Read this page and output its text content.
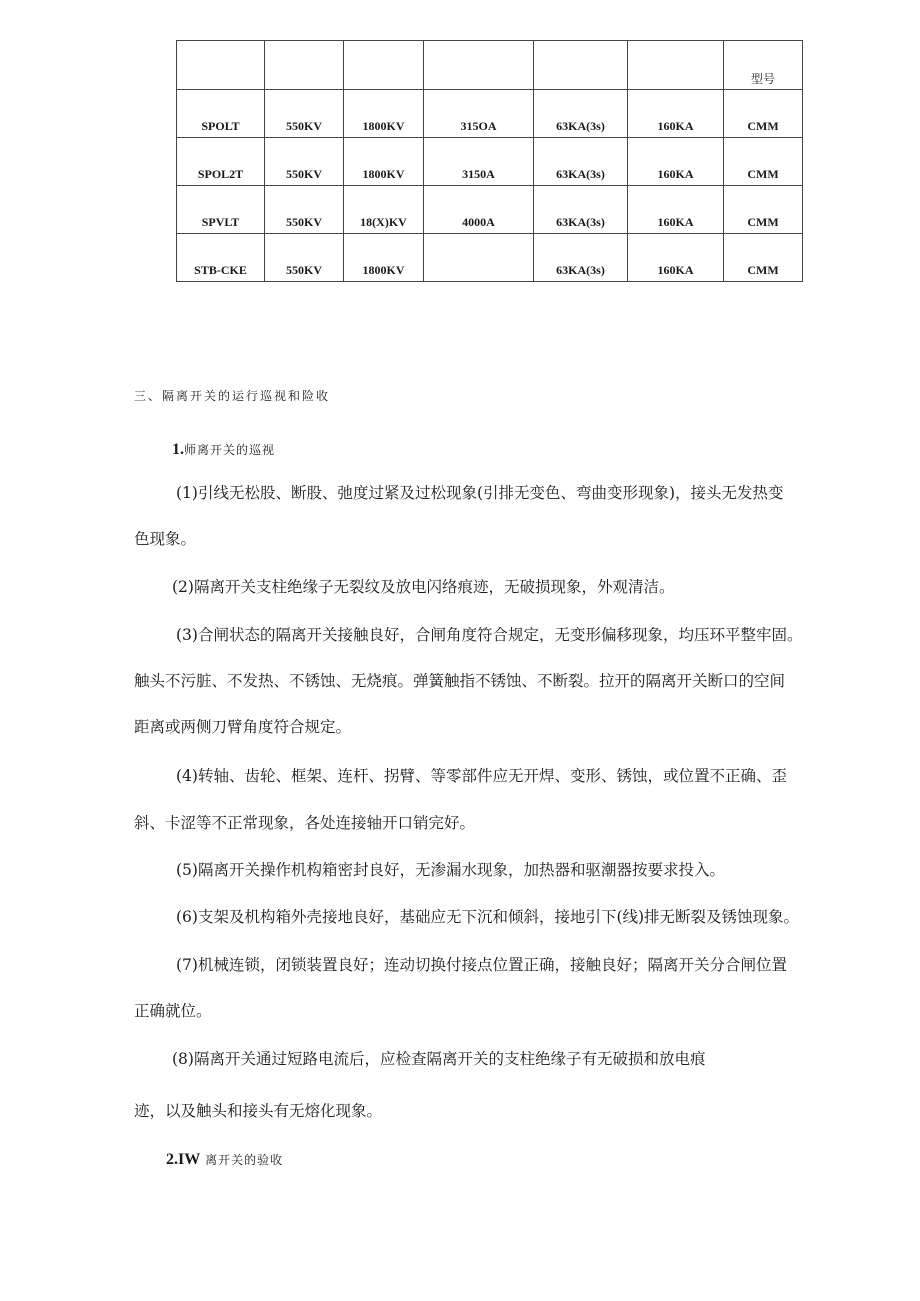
						型号
SPOLT	550KV	1800KV	315OA	63KA(3s)	160KA	CMM
SPOL2T	550KV	1800KV	3150A	63KA(3s)	160KA	CMM
SPVLT	550KV	18(X)KV	4000A	63KA(3s)	160KA	CMM
STB-CKE	550KV	1800KV		63KA(3s)	160KA	CMM
三、隔离开关的运行巡视和险收
1.师离开关的巡视

(1)引线无松股、断股、弛度过紧及过松现象(引排无变色、弯曲变形现象)，接头无发热变

色现象。

(2)隔离开关支柱绝缘子无裂纹及放电闪络痕迹，无破损现象，外观清洁。

(3)合闸状态的隔离开关接触良好，合闸角度符合规定，无变形偏移现象，均压环平整牢固。

触头不污脏、不发热、不锈蚀、无烧痕。弹簧触指不锈蚀、不断裂。拉开的隔离开关断口的空间

距离或两侧刀臂角度符合规定。

(4)转轴、齿轮、框架、连杆、拐臂、等零部件应无开焊、变形、锈蚀，或位置不正确、歪

斜、卡涩等不正常现象，各处连接轴开口销完好。

(5)隔离开关操作机构箱密封良好，无渗漏水现象，加热器和驱潮器按要求投入。

(6)支架及机构箱外壳接地良好，基础应无下沉和倾斜，接地引下(线)排无断裂及锈蚀现象。

(7)机械连锁，闭锁装置良好；连动切换付接点位置正确，接触良好；隔离开关分合闸位置

正确就位。

(8)隔离开关通过短路电流后，应检查隔离开关的支柱绝缘子有无破损和放电痕

迹，以及触头和接头有无熔化现象。

2.IW 离开关的验收
